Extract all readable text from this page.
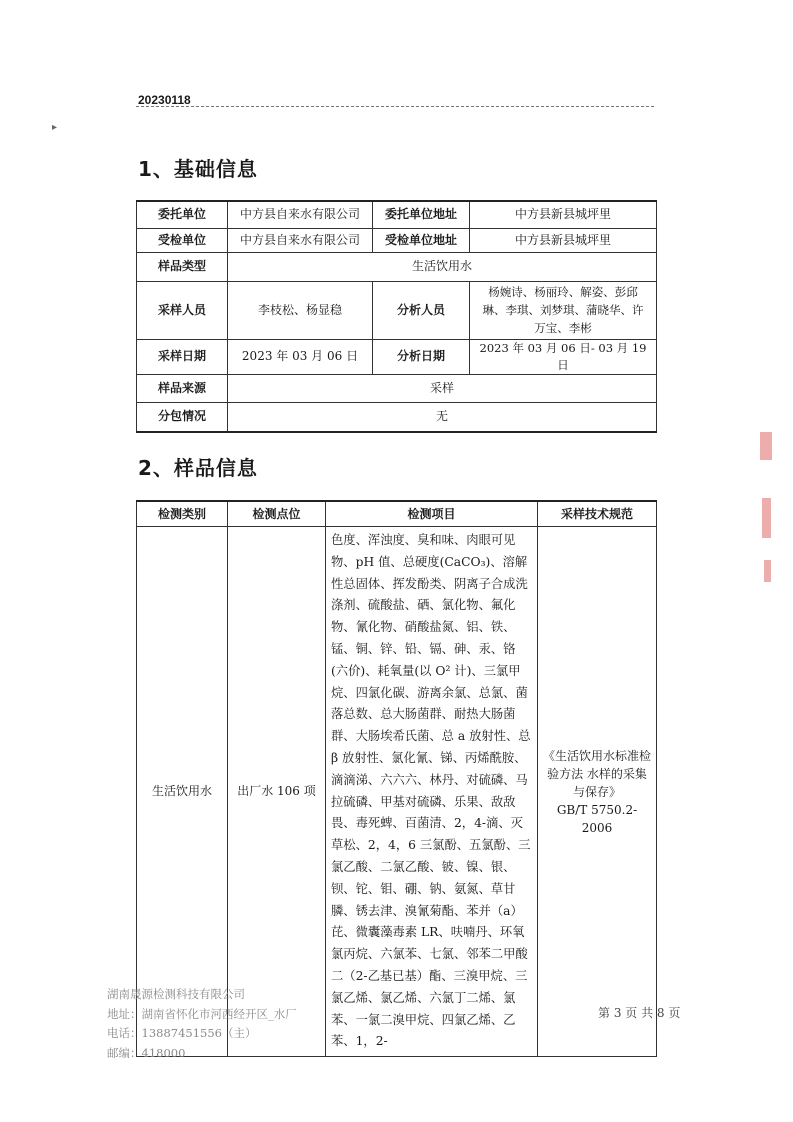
20230118
▸
1、基础信息
委托单位	中方县自来水有限公司	委托单位地址	中方县新县城坪里
受检单位	中方县自来水有限公司	受检单位地址	中方县新县城坪里
样品类型	生活饮用水		
采样人员	李枝松、杨显稳	分析人员	杨婉诗、杨丽玲、解姿、彭邱琳、李琪、刘梦琪、蒲晓华、许万宝、李彬
采样日期	2023 年 03 月 06 日	分析日期	2023 年 03 月 06 日- 03 月 19 日
样品来源	采样		
分包情况	无		
2、样品信息
检测类别	检测点位	检测项目	采样技术规范
生活饮用水	出厂水 106 项	色度、浑浊度、臭和味、肉眼可见物、pH 值、总硬度(CaCO₃)、溶解性总固体、挥发酚类、阴离子合成洗涤剂、硫酸盐、硒、氯化物、氟化物、氰化物、硝酸盐氮、铝、铁、锰、铜、锌、铅、镉、砷、汞、铬(六价)、耗氧量(以 O² 计)、三氯甲烷、四氯化碳、游离余氯、总氯、菌落总数、总大肠菌群、耐热大肠菌群、大肠埃希氏菌、总 a 放射性、总 β 放射性、氯化氰、锑、丙烯酰胺、滴滴涕、六六六、林丹、对硫磷、马拉硫磷、甲基对硫磷、乐果、敌敌畏、毒死蜱、百菌清、2，4-滴、灭草松、2，4，6 三氯酚、五氯酚、三氯乙酸、二氯乙酸、铍、镍、银、钡、铊、钼、硼、钠、氨氮、草甘膦、锈去津、溴氰菊酯、苯并（a）芘、微囊藻毒素 LR、呋喃丹、环氧氯丙烷、六氯苯、七氯、邻苯二甲酸二（2-乙基已基）酯、三溴甲烷、三氯乙烯、氯乙烯、六氯丁二烯、氯苯、一氯二溴甲烷、四氯乙烯、乙苯、1，2-	《生活饮用水标准检验方法 水样的采集与保存》
GB/T 5750.2-2006
湖南晟源检测科技有限公司
地址：湖南省怀化市河西经开区_水厂
电话：13887451556（主）
邮编：418000
第 3 页 共 8 页
